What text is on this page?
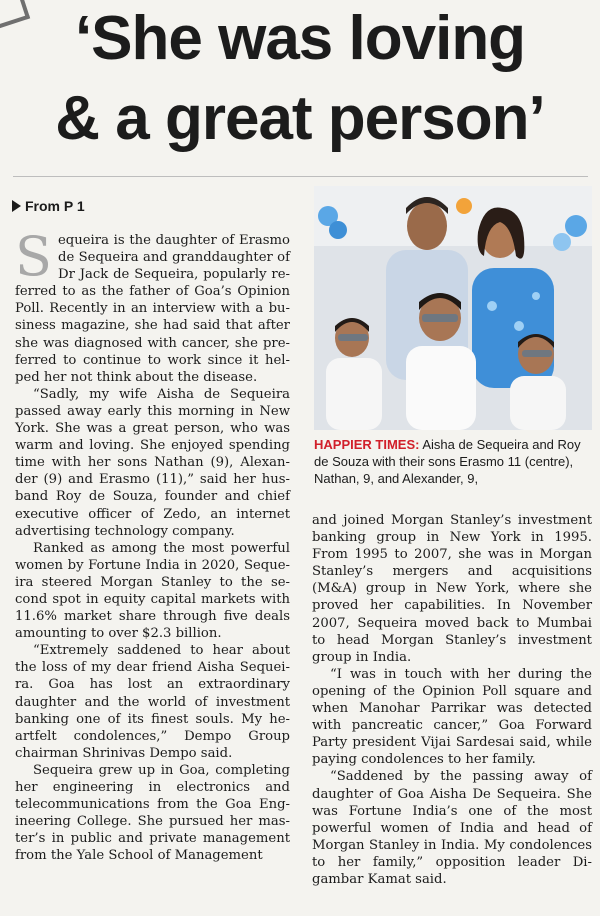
‘She was loving
& a great person’
From P 1

Sequeira is the daughter of Erasmo de Sequeira and granddaughter of Dr Jack de Sequeira, popularly referred to as the father of Goa’s Opinion Poll. Recently in an interview with a business magazine, she had said that after she was diagnosed with cancer, she preferred to continue to work since it helped her not think about the disease.

“Sadly, my wife Aisha de Sequeira passed away early this morning in New York. She was a great person, who was warm and loving. She enjoyed spending time with her sons Nathan (9), Alexander (9) and Erasmo (11),” said her husband Roy de Souza, founder and chief executive officer of Zedo, an internet advertising technology company.

Ranked as among the most powerful women by Fortune India in 2020, Sequeira steered Morgan Stanley to the second spot in equity capital markets with 11.6% market share through five deals amounting to over $2.3 billion.

“Extremely saddened to hear about the loss of my dear friend Aisha Sequeira. Goa has lost an extraordinary daughter and the world of investment banking one of its finest souls. My heartfelt condolences,” Dempo Group chairman Shrinivas Dempo said.

Sequeira grew up in Goa, completing her engineering in electronics and telecommunications from the Goa Engineering College. She pursued her master’s in public and private management from the Yale School of Management

HAPPIER TIMES: Aisha de Sequeira and Roy de Souza with their sons Erasmo 11 (centre), Nathan, 9, and Alexander, 9,

and joined Morgan Stanley’s investment banking group in New York in 1995. From 1995 to 2007, she was in Morgan Stanley’s mergers and acquisitions (M&A) group in New York, where she proved her capabilities. In November 2007, Sequeira moved back to Mumbai to head Morgan Stanley’s investment group in India.

“I was in touch with her during the opening of the Opinion Poll square and when Manohar Parrikar was detected with pancreatic cancer,” Goa Forward Party president Vijai Sardesai said, while paying condolences to her family.

“Saddened by the passing away of daughter of Goa Aisha De Sequeira. She was Fortune India’s one of the most powerful women of India and head of Morgan Stanley in India. My condolences to her family,” opposition leader Digambar Kamat said.
